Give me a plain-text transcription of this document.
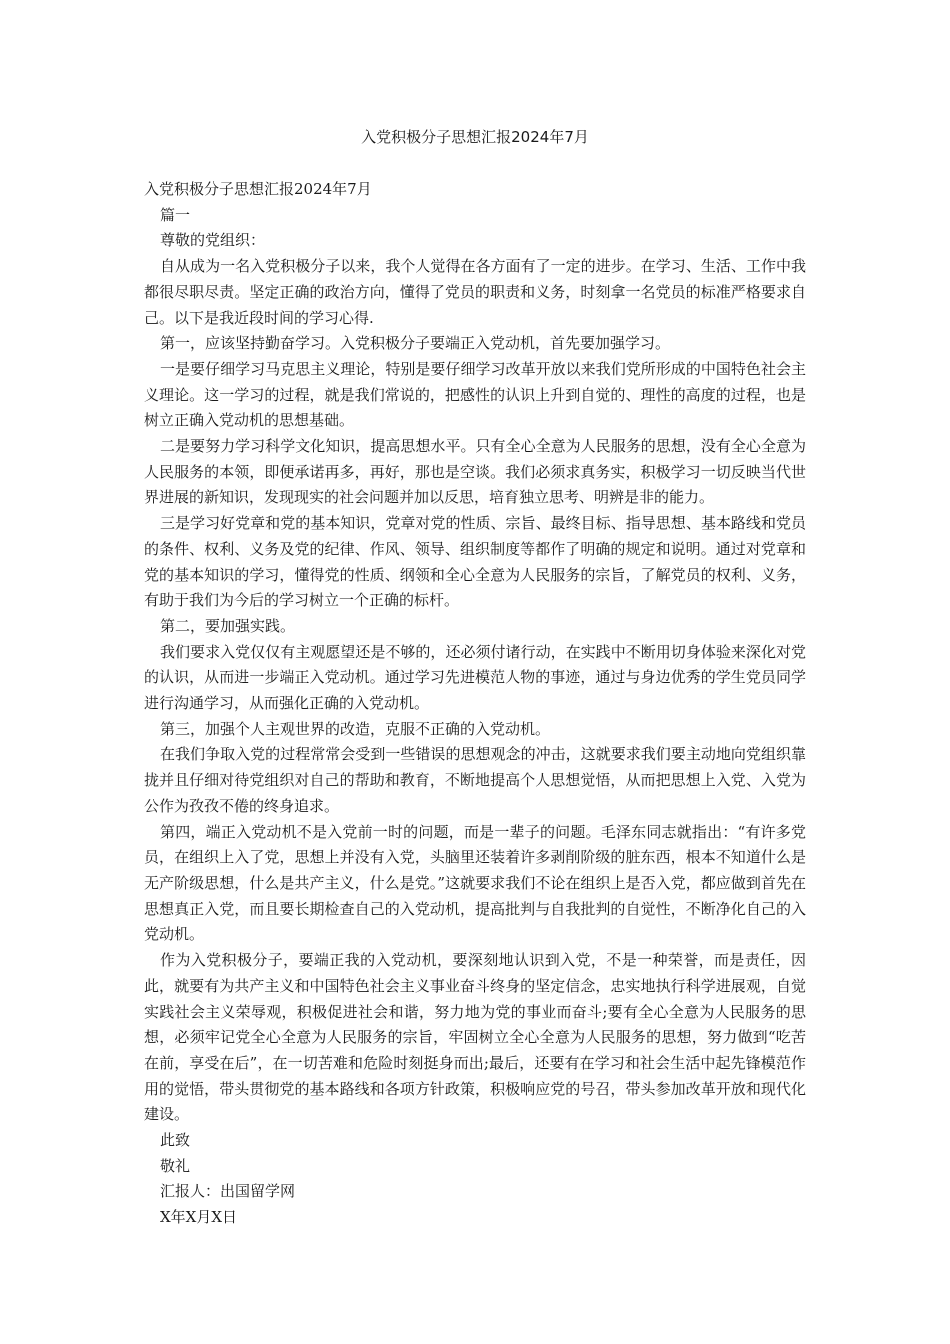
入党积极分子思想汇报2024年7月

入党积极分子思想汇报2024年7月

篇一

尊敬的党组织：

自从成为一名入党积极分子以来，我个人觉得在各方面有了一定的进步。在学习、生活、工作中我都很尽职尽责。坚定正确的政治方向，懂得了党员的职责和义务，时刻拿一名党员的标准严格要求自己。以下是我近段时间的学习心得.

第一，应该坚持勤奋学习。入党积极分子要端正入党动机，首先要加强学习。

一是要仔细学习马克思主义理论，特别是要仔细学习改革开放以来我们党所形成的中国特色社会主义理论。这一学习的过程，就是我们常说的，把感性的认识上升到自觉的、理性的高度的过程，也是树立正确入党动机的思想基础。

二是要努力学习科学文化知识，提高思想水平。只有全心全意为人民服务的思想，没有全心全意为人民服务的本领，即便承诺再多，再好，那也是空谈。我们必须求真务实，积极学习一切反映当代世界进展的新知识，发现现实的社会问题并加以反思，培育独立思考、明辨是非的能力。

三是学习好党章和党的基本知识，党章对党的性质、宗旨、最终目标、指导思想、基本路线和党员的条件、权利、义务及党的纪律、作风、领导、组织制度等都作了明确的规定和说明。通过对党章和党的基本知识的学习，懂得党的性质、纲领和全心全意为人民服务的宗旨，了解党员的权利、义务，有助于我们为今后的学习树立一个正确的标杆。

第二，要加强实践。

我们要求入党仅仅有主观愿望还是不够的，还必须付诸行动，在实践中不断用切身体验来深化对党的认识，从而进一步端正入党动机。通过学习先进模范人物的事迹，通过与身边优秀的学生党员同学进行沟通学习，从而强化正确的入党动机。

第三，加强个人主观世界的改造，克服不正确的入党动机。

在我们争取入党的过程常常会受到一些错误的思想观念的冲击，这就要求我们要主动地向党组织靠拢并且仔细对待党组织对自己的帮助和教育，不断地提高个人思想觉悟，从而把思想上入党、入党为公作为孜孜不倦的终身追求。

第四，端正入党动机不是入党前一时的问题，而是一辈子的问题。毛泽东同志就指出：“有许多党员，在组织上入了党，思想上并没有入党，头脑里还装着许多剥削阶级的脏东西，根本不知道什么是无产阶级思想，什么是共产主义，什么是党。”这就要求我们不论在组织上是否入党，都应做到首先在思想真正入党，而且要长期检查自己的入党动机，提高批判与自我批判的自觉性，不断净化自己的入党动机。

作为入党积极分子，要端正我的入党动机，要深刻地认识到入党，不是一种荣誉，而是责任，因此，就要有为共产主义和中国特色社会主义事业奋斗终身的坚定信念，忠实地执行科学进展观，自觉实践社会主义荣辱观，积极促进社会和谐，努力地为党的事业而奋斗;要有全心全意为人民服务的思想，必须牢记党全心全意为人民服务的宗旨，牢固树立全心全意为人民服务的思想，努力做到“吃苦在前，享受在后”，在一切苦难和危险时刻挺身而出;最后，还要有在学习和社会生活中起先锋模范作用的觉悟，带头贯彻党的基本路线和各项方针政策，积极响应党的号召，带头参加改革开放和现代化建设。

此致

敬礼

汇报人：出国留学网

X年X月X日
